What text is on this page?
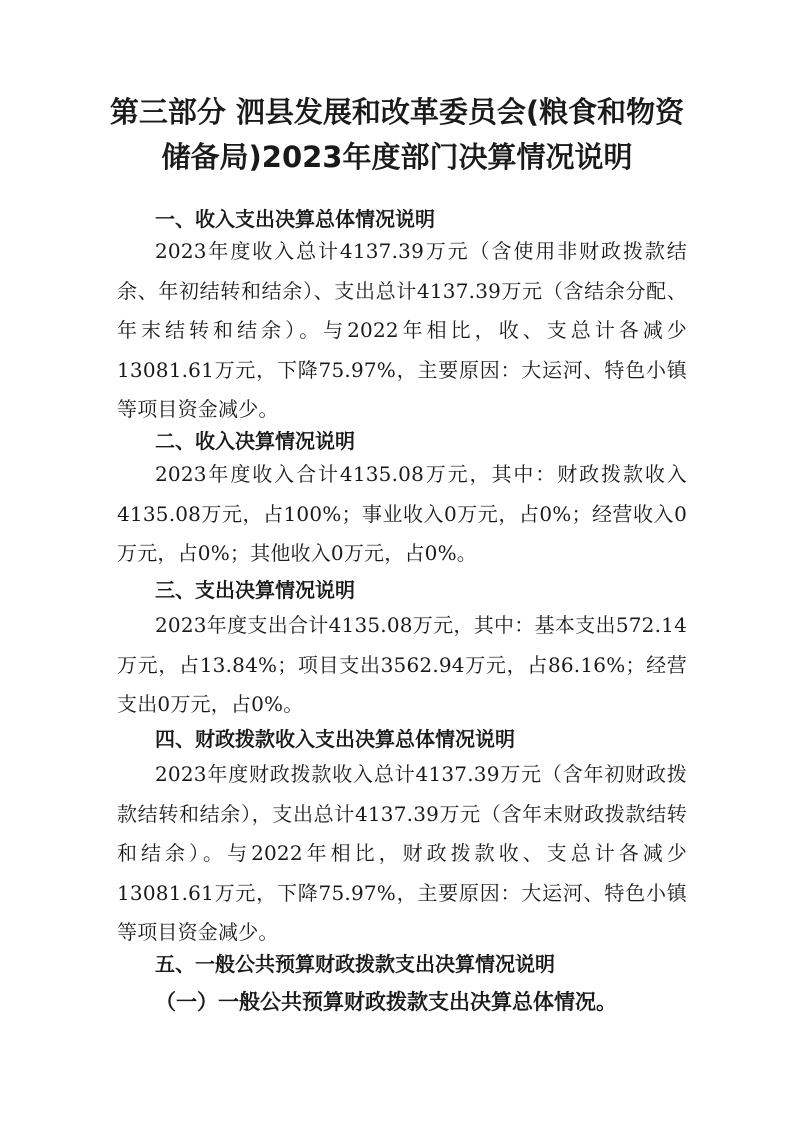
第三部分 泗县发展和改革委员会(粮食和物资
储备局)2023年度部门决算情况说明
一、收入支出决算总体情况说明

2023年度收入总计4137.39万元（含使用非财政拨款结余、年初结转和结余）、支出总计4137.39万元（含结余分配、年末结转和结余）。与2022年相比，收、支总计各减少13081.61万元，下降75.97%，主要原因：大运河、特色小镇等项目资金减少。

二、收入决算情况说明

2023年度收入合计4135.08万元，其中：财政拨款收入4135.08万元，占100%；事业收入0万元，占0%；经营收入0万元，占0%；其他收入0万元，占0%。

三、支出决算情况说明

2023年度支出合计4135.08万元，其中：基本支出572.14万元，占13.84%；项目支出3562.94万元，占86.16%；经营支出0万元，占0%。

四、财政拨款收入支出决算总体情况说明

2023年度财政拨款收入总计4137.39万元（含年初财政拨款结转和结余），支出总计4137.39万元（含年末财政拨款结转和结余）。与2022年相比，财政拨款收、支总计各减少13081.61万元，下降75.97%，主要原因：大运河、特色小镇等项目资金减少。

五、一般公共预算财政拨款支出决算情况说明
（一）一般公共预算财政拨款支出决算总体情况。
